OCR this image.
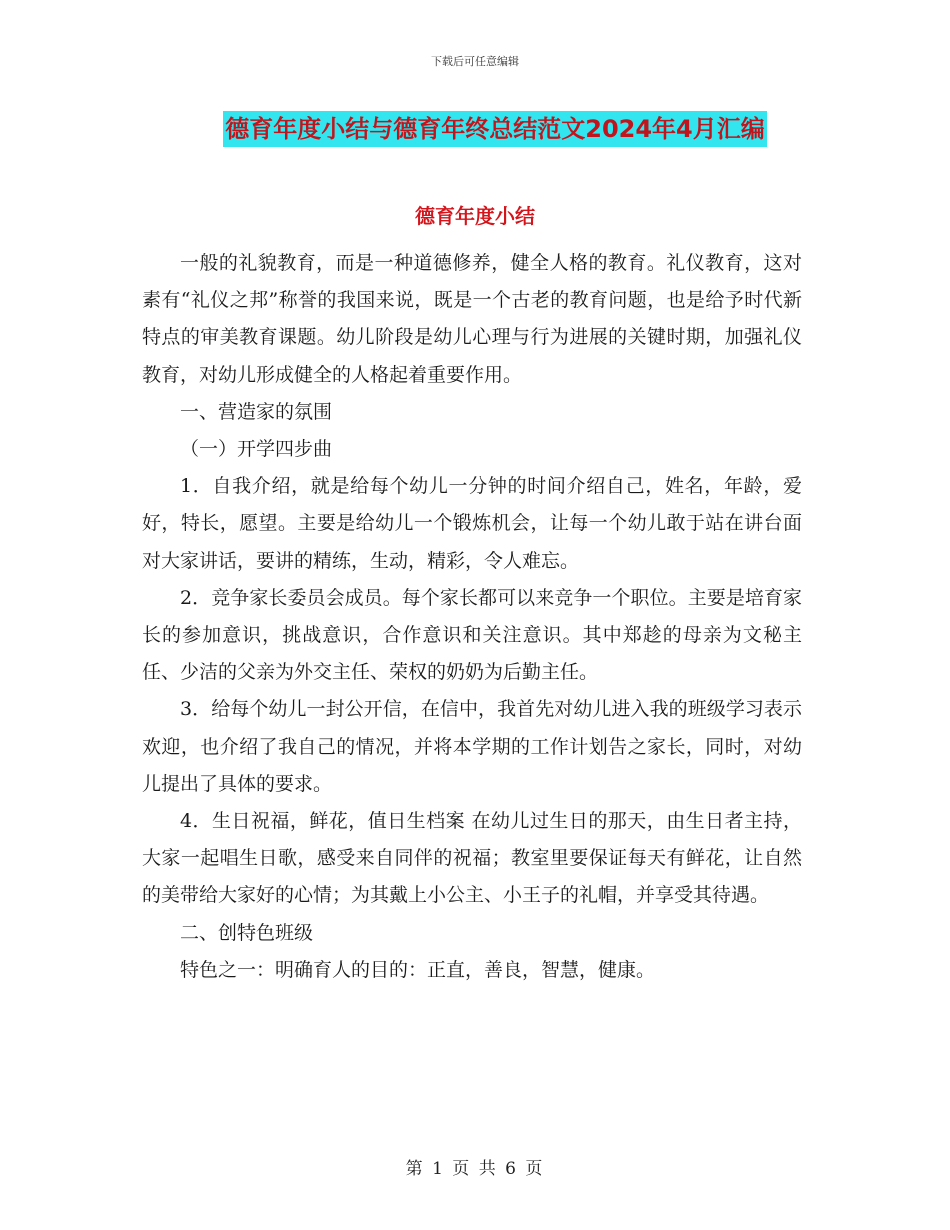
下载后可任意编辑
德育年度小结与德育年终总结范文2024年4月汇编
德育年度小结

一般的礼貌教育，而是一种道德修养，健全人格的教育。礼仪教育，这对素有“礼仪之邦”称誉的我国来说，既是一个古老的教育问题，也是给予时代新特点的审美教育课题。幼儿阶段是幼儿心理与行为进展的关键时期，加强礼仪教育，对幼儿形成健全的人格起着重要作用。

一、营造家的氛围

（一）开学四步曲

1．自我介绍，就是给每个幼儿一分钟的时间介绍自己，姓名，年龄，爱好，特长，愿望。主要是给幼儿一个锻炼机会，让每一个幼儿敢于站在讲台面对大家讲话，要讲的精练，生动，精彩，令人难忘。

2．竞争家长委员会成员。每个家长都可以来竞争一个职位。主要是培育家长的参加意识，挑战意识，合作意识和关注意识。其中郑趁的母亲为文秘主任、少洁的父亲为外交主任、荣权的奶奶为后勤主任。

3．给每个幼儿一封公开信，在信中，我首先对幼儿进入我的班级学习表示欢迎，也介绍了我自己的情况，并将本学期的工作计划告之家长，同时，对幼儿提出了具体的要求。

4．生日祝福，鲜花，值日生档案 在幼儿过生日的那天，由生日者主持，大家一起唱生日歌，感受来自同伴的祝福；教室里要保证每天有鲜花，让自然的美带给大家好的心情；为其戴上小公主、小王子的礼帽，并享受其待遇。

二、创特色班级

特色之一：明确育人的目的：正直，善良，智慧，健康。

第 1 页 共 6 页
